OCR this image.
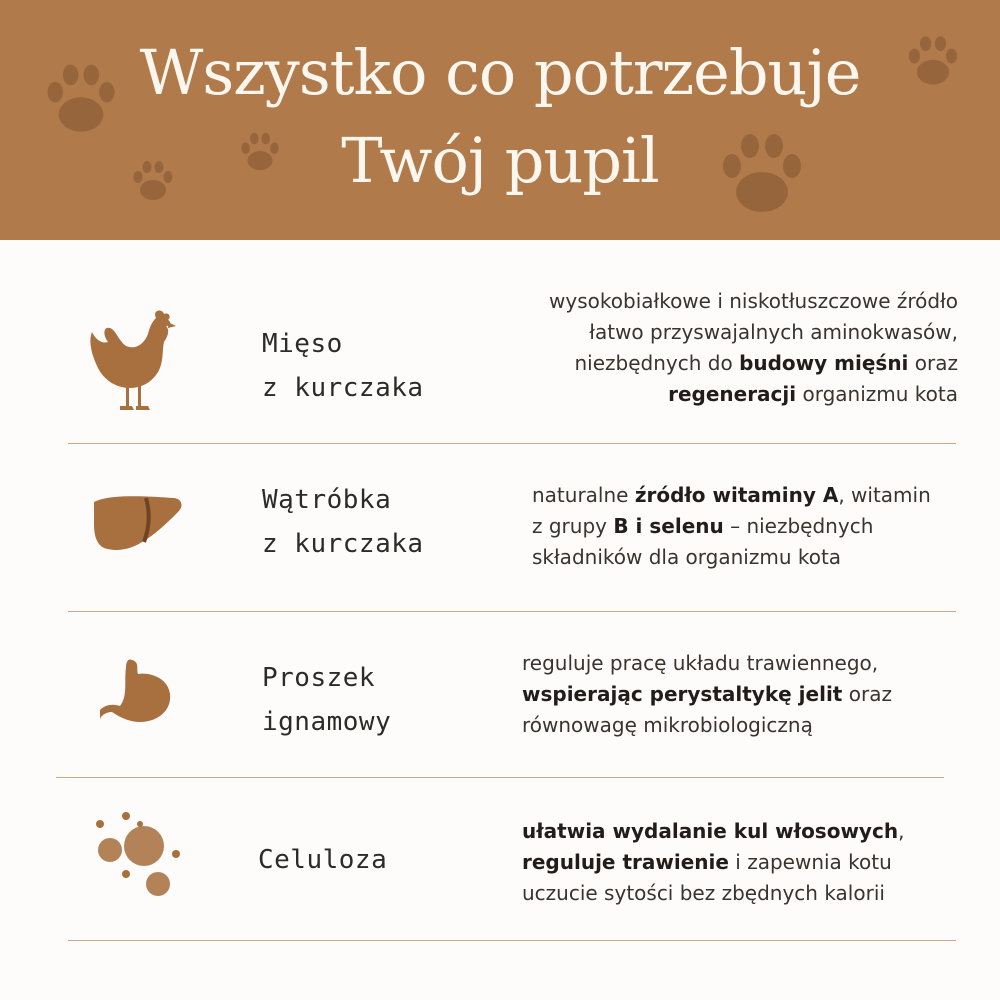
Wszystko co potrzebuje
Twój pupil
Mięso
z kurczaka
wysokobiałkowe i niskotłuszczowe źródło
łatwo przyswajalnych aminokwasów,
niezbędnych do budowy mięśni oraz
regeneracji organizmu kota
Wątróbka
z kurczaka
naturalne źródło witaminy A, witamin
z grupy B i selenu – niezbędnych
składników dla organizmu kota
Proszek
ignamowy
reguluje pracę układu trawiennego,
wspierając perystaltykę jelit oraz
równowagę mikrobiologiczną
Celuloza
ułatwia wydalanie kul włosowych,
reguluje trawienie i zapewnia kotu
uczucie sytości bez zbędnych kalorii
